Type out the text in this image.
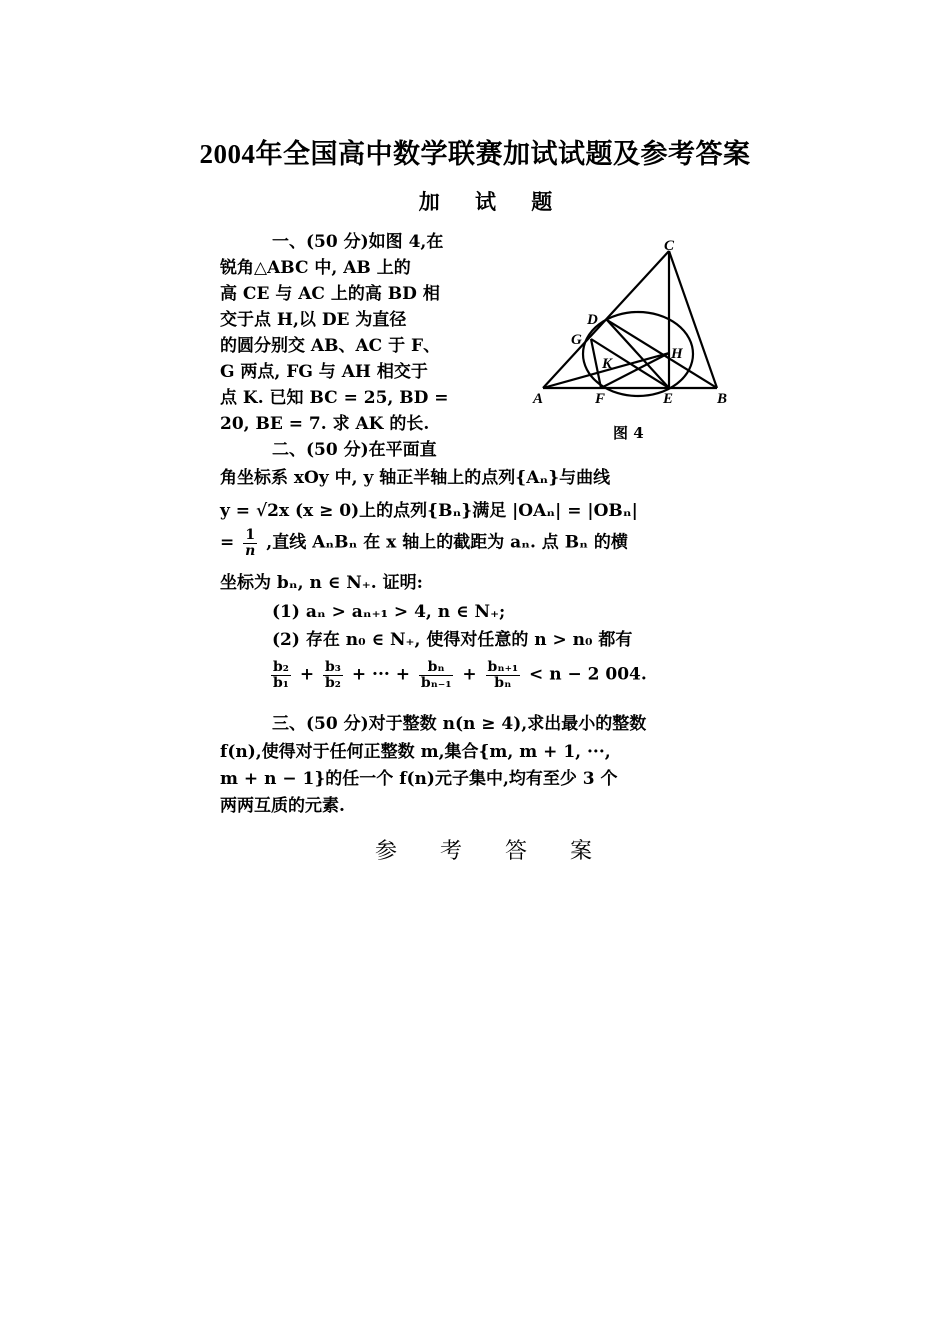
2004年全国高中数学联赛加试试题及参考答案
加 试 题
一、(50 分)如图 4,在
锐角△ABC 中, AB 上的
高 CE 与 AC 上的高 BD 相
交于点 H,以 DE 为直径
的圆分别交 AB、AC 于 F、
G 两点, FG 与 AH 相交于
点 K. 已知 BC = 25, BD =
20, BE = 7. 求 AK 的长.
C
D
G
H
K
A	F	E	B
图 4
二、(50 分)在平面直
角坐标系 xOy 中, y 轴正半轴上的点列{Aₙ}与曲线
y = √2x (x ≥ 0)上的点列{Bₙ}满足 |OAₙ| = |OBₙ|
= $\frac{1}{n}$ ,直线 AₙBₙ 在 x 轴上的截距为 aₙ. 点 Bₙ 的横
坐标为 bₙ, n ∈ N₊. 证明:
(1) aₙ > aₙ₊₁ > 4, n ∈ N₊;
(2) 存在 n₀ ∈ N₊, 使得对任意的 n > n₀ 都有
$\frac{\text{b₂}}{\text{b₁}} + \frac{\text{b₃}}{\text{b₂}}$ + ··· + $\frac{\text{bₙ}}{\text{bₙ₋₁}} + \frac{\text{bₙ₊₁}}{\text{bₙ}} < n - 2$ 004.
三、(50 分)对于整数 n(n ≥ 4),求出最小的整数
f(n),使得对于任何正整数 m,集合{m, m + 1, ···,
m + n − 1}的任一个 f(n)元子集中,均有至少 3 个
两两互质的元素.
参 考 答 案
